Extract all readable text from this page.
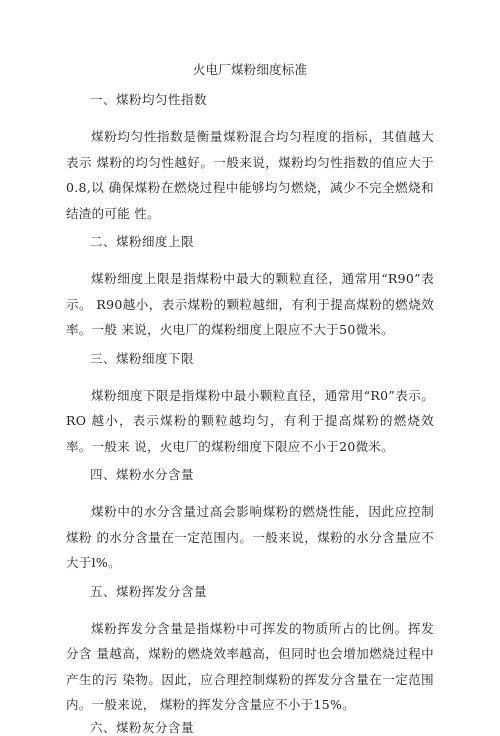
火电厂煤粉细度标准
一、煤粉均匀性指数

煤粉均匀性指数是衡量煤粉混合均匀程度的指标，其值越大表示 煤粉的均匀性越好。一般来说，煤粉均匀性指数的值应大于0.8,以 确保煤粉在燃烧过程中能够均匀燃烧，减少不完全燃烧和结渣的可能 性。

二、煤粉细度上限

煤粉细度上限是指煤粉中最大的颗粒直径，通常用“R90”表示。 R90越小，表示煤粉的颗粒越细，有利于提高煤粉的燃烧效率。一般 来说，火电厂的煤粉细度上限应不大于50微米。

三、煤粉细度下限

煤粉细度下限是指煤粉中最小颗粒直径，通常用“R0”表示。RO 越小，表示煤粉的颗粒越均匀，有利于提高煤粉的燃烧效率。一般来 说，火电厂的煤粉细度下限应不小于20微米。

四、煤粉水分含量

煤粉中的水分含量过高会影响煤粉的燃烧性能，因此应控制煤粉 的水分含量在一定范围内。一般来说，煤粉的水分含量应不大于l%。

五、煤粉挥发分含量

煤粉挥发分含量是指煤粉中可挥发的物质所占的比例。挥发分含 量越高，煤粉的燃烧效率越高，但同时也会增加燃烧过程中产生的污 染物。因此，应合理控制煤粉的挥发分含量在一定范围内。一般来说， 煤粉的挥发分含量应不小于15%。

六、煤粉灰分含量
